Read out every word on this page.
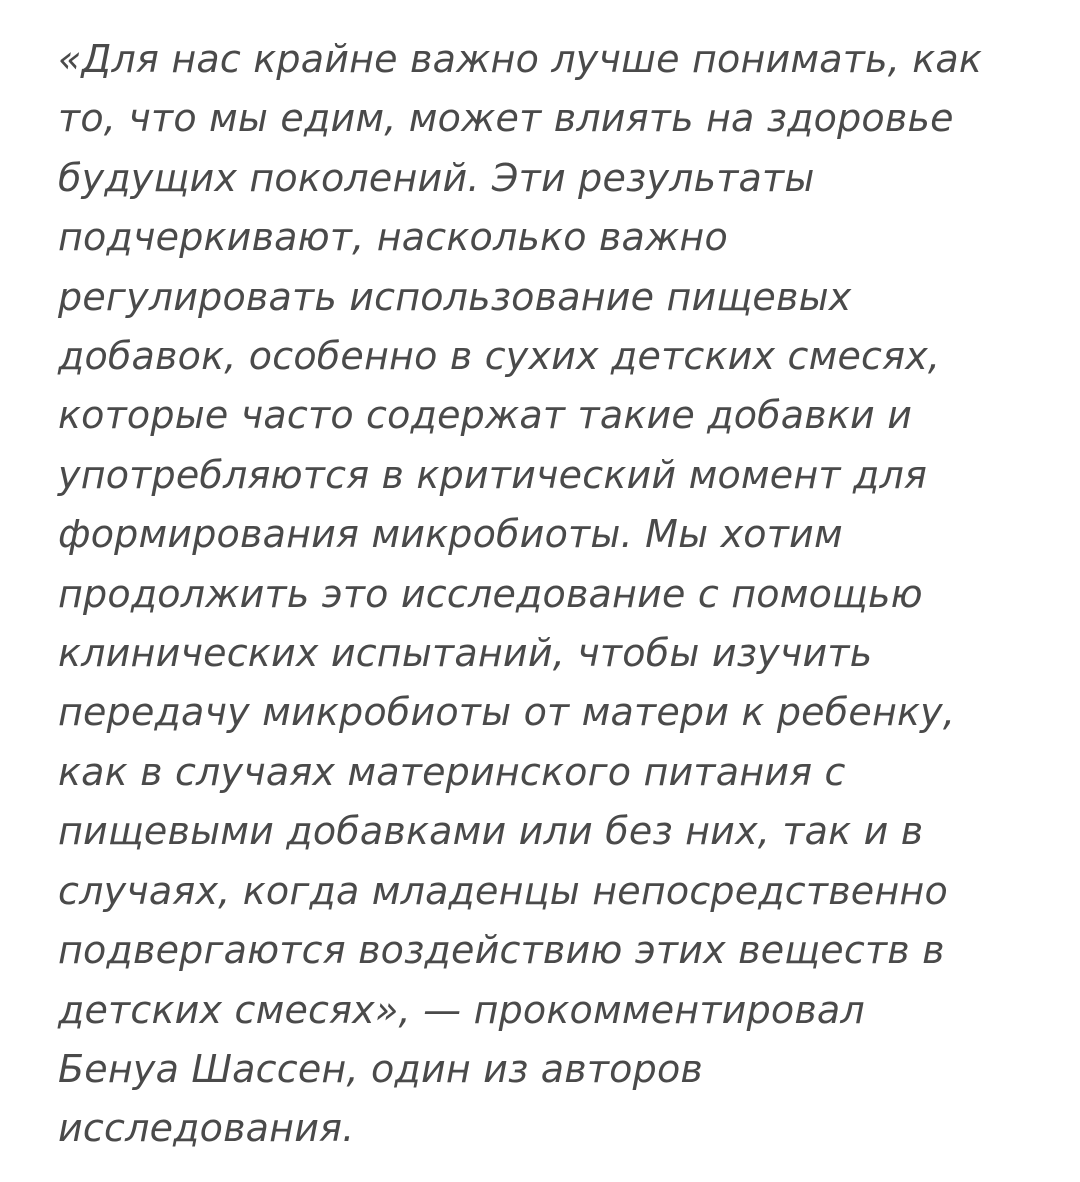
«Для нас крайне важно лучше понимать, как
то, что мы едим, может влиять на здоровье
будущих поколений. Эти результаты
подчеркивают, насколько важно
регулировать использование пищевых
добавок, особенно в сухих детских смесях,
которые часто содержат такие добавки и
употребляются в критический момент для
формирования микробиоты. Мы хотим
продолжить это исследование с помощью
клинических испытаний, чтобы изучить
передачу микробиоты от матери к ребенку,
как в случаях материнского питания с
пищевыми добавками или без них, так и в
случаях, когда младенцы непосредственно
подвергаются воздействию этих веществ в
детских смесях», — прокомментировал
Бенуа Шассен, один из авторов
исследования.
